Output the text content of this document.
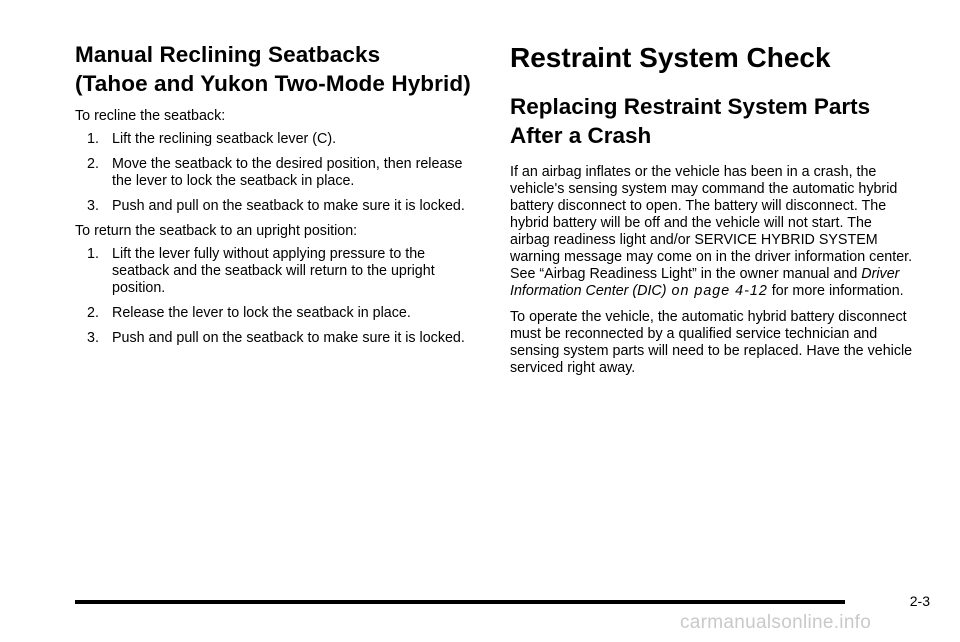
Manual Reclining Seatbacks
(Tahoe and Yukon Two-Mode Hybrid)

To recline the seatback:

1. Lift the reclining seatback lever (C).
2. Move the seatback to the desired position, then release the lever to lock the seatback in place.
3. Push and pull on the seatback to make sure it is locked.

To return the seatback to an upright position:

1. Lift the lever fully without applying pressure to the seatback and the seatback will return to the upright position.
2. Release the lever to lock the seatback in place.
3. Push and pull on the seatback to make sure it is locked.
Restraint System Check
Replacing Restraint System Parts
After a Crash

If an airbag inflates or the vehicle has been in a crash, the vehicle's sensing system may command the automatic hybrid battery disconnect to open. The battery will disconnect. The hybrid battery will be off and the vehicle will not start. The airbag readiness light and/or SERVICE HYBRID SYSTEM warning message may come on in the driver information center. See “Airbag Readiness Light” in the owner manual and Driver Information Center (DIC) on page 4-12 for more information.

To operate the vehicle, the automatic hybrid battery disconnect must be reconnected by a qualified service technician and sensing system parts will need to be replaced. Have the vehicle serviced right away.

2-3
carmanualsonline.info
